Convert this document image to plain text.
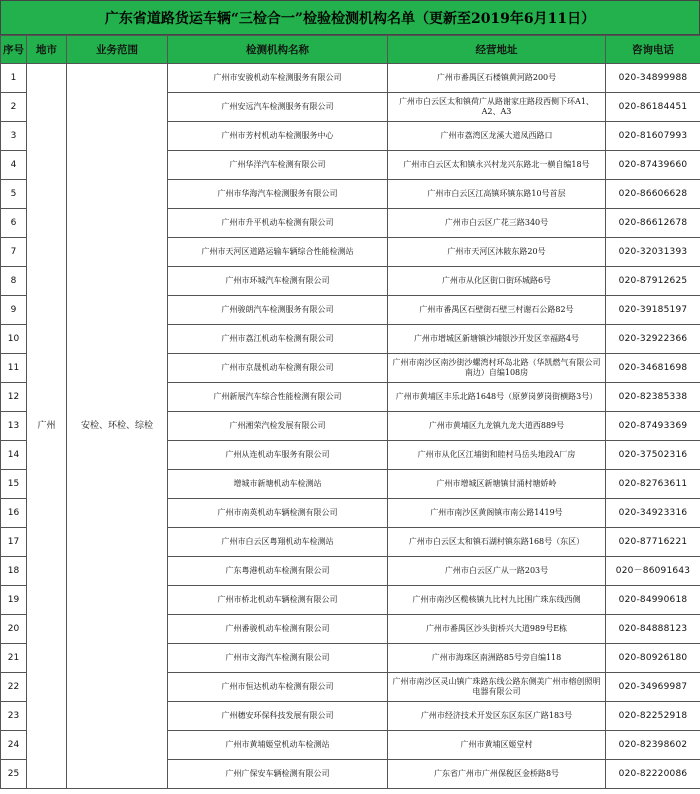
广东省道路货运车辆“三检合一”检验检测机构名单（更新至2019年6月11日）
序号	地市	业务范围	检测机构名称	经营地址	咨询电话
1	广州	安检、环检、综检	广州市安骏机动车检测服务有限公司	广州市番禺区石楼镇黄河路200号	020-34899988
2			广州安远汽车检测服务有限公司	广州市白云区太和镇荷广从路谢家庄路段西侧下环A1、A2、A3	020-86184451
3			广州市芳村机动车检测服务中心	广州市荔湾区龙溪大道凤西路口	020-81607993
4			广州华洋汽车检测有限公司	广州市白云区太和镇永兴村龙兴东路北一横自编18号	020-87439660
5			广州市华海汽车检测服务有限公司	广州市白云区江高镇环镇东路10号首层	020-86606628
6			广州市升平机动车检测有限公司	广州市白云区广花三路340号	020-86612678
7			广州市天河区道路运输车辆综合性能检测站	广州市天河区沐陂东路20号	020-32031393
8			广州市环城汽车检测有限公司	广州市从化区街口街环城路6号	020-87912625
9			广州骏朗汽车检测服务有限公司	广州市番禺区石壁街石壁三村谢石公路82号	020-39185197
10			广州市荔江机动车检测有限公司	广州市增城区新塘镇沙埔银沙开发区幸福路4号	020-32922366
11			广州市京晟机动车检测有限公司	广州市南沙区南沙街沙螺湾村环岛北路（华凯燃气有限公司南边）自编108房	020-34681698
12			广州新展汽车综合性能检测有限公司	广州市黄埔区丰乐北路1648号（原萝岗萝岗街横路3号）	020-82385338
13			广州湘荣汽检发展有限公司	广州市黄埔区九龙镇九龙大道西889号	020-87493369
14			广州从连机动车服务有限公司	广州市从化区江埔街和睦村马岳头地段A厂房	020-37502316
15			增城市新塘机动车检测站	广州市增城区新塘镇甘涌村塘娇岭	020-82763611
16			广州市南英机动车辆检测有限公司	广州市南沙区黄阁镇市南公路1419号	020-34923316
17			广州市白云区粤翔机动车检测站	广州市白云区太和镇石湖村镇东路168号（东区）	020-87716221
18			广东粤港机动车检测有限公司	广州市白云区广从一路203号	020－86091643
19			广州市桥北机动车辆检测有限公司	广州市南沙区榄核镇九比村九比围广珠东线西侧	020-84990618
20			广州番骏机动车检测有限公司	广州市番禺区沙头街桥兴大道989号E栋	020-84888123
21			广州市文海汽车检测有限公司	广州市海珠区南洲路85号旁自编118	020-80926180
22			广州市恒达机动车检测有限公司	广州市南沙区灵山镇广珠路东线公路东侧美广州市榕创照明电器有限公司	020-34969987
23			广州穗安环保科技发展有限公司	广州市经济技术开发区东区东区广路183号	020-82252918
24			广州市黄埔姬堂机动车检测站	广州市黄埔区姬堂村	020-82398602
25			广州广保安车辆检测有限公司	广东省广州市广州保税区金桥路8号	020-82220086
